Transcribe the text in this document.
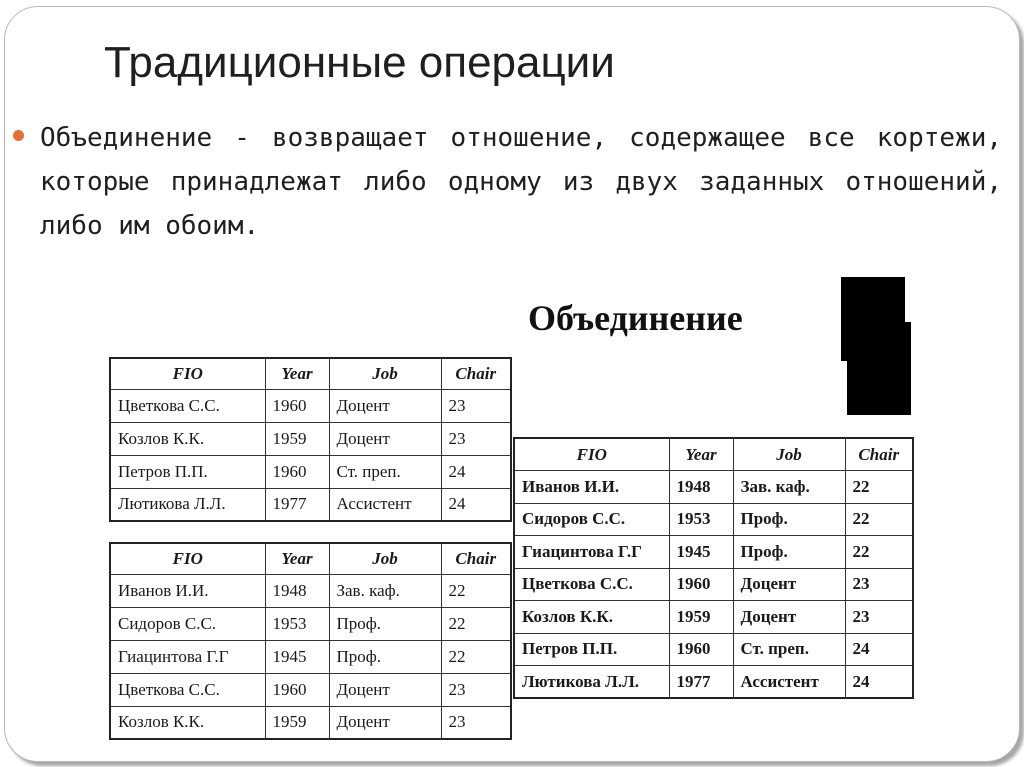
Традиционные операции
Объединение - возвращает отношение, содержащее все кортежи, которые принадлежат либо одному из двух заданных отношений, либо им обоим.
Объединение
FIO	Year	Job	Chair
Цветкова С.С.	1960	Доцент	23
Козлов К.К.	1959	Доцент	23
Петров П.П.	1960	Ст. преп.	24
Лютикова Л.Л.	1977	Ассистент	24
FIO	Year	Job	Chair
Иванов И.И.	1948	Зав. каф.	22
Сидоров С.С.	1953	Проф.	22
Гиацинтова Г.Г	1945	Проф.	22
Цветкова С.С.	1960	Доцент	23
Козлов К.К.	1959	Доцент	23
FIO	Year	Job	Chair
Иванов И.И.	1948	Зав. каф.	22
Сидоров С.С.	1953	Проф.	22
Гиацинтова Г.Г	1945	Проф.	22
Цветкова С.С.	1960	Доцент	23
Козлов К.К.	1959	Доцент	23
Петров П.П.	1960	Ст. преп.	24
Лютикова Л.Л.	1977	Ассистент	24
